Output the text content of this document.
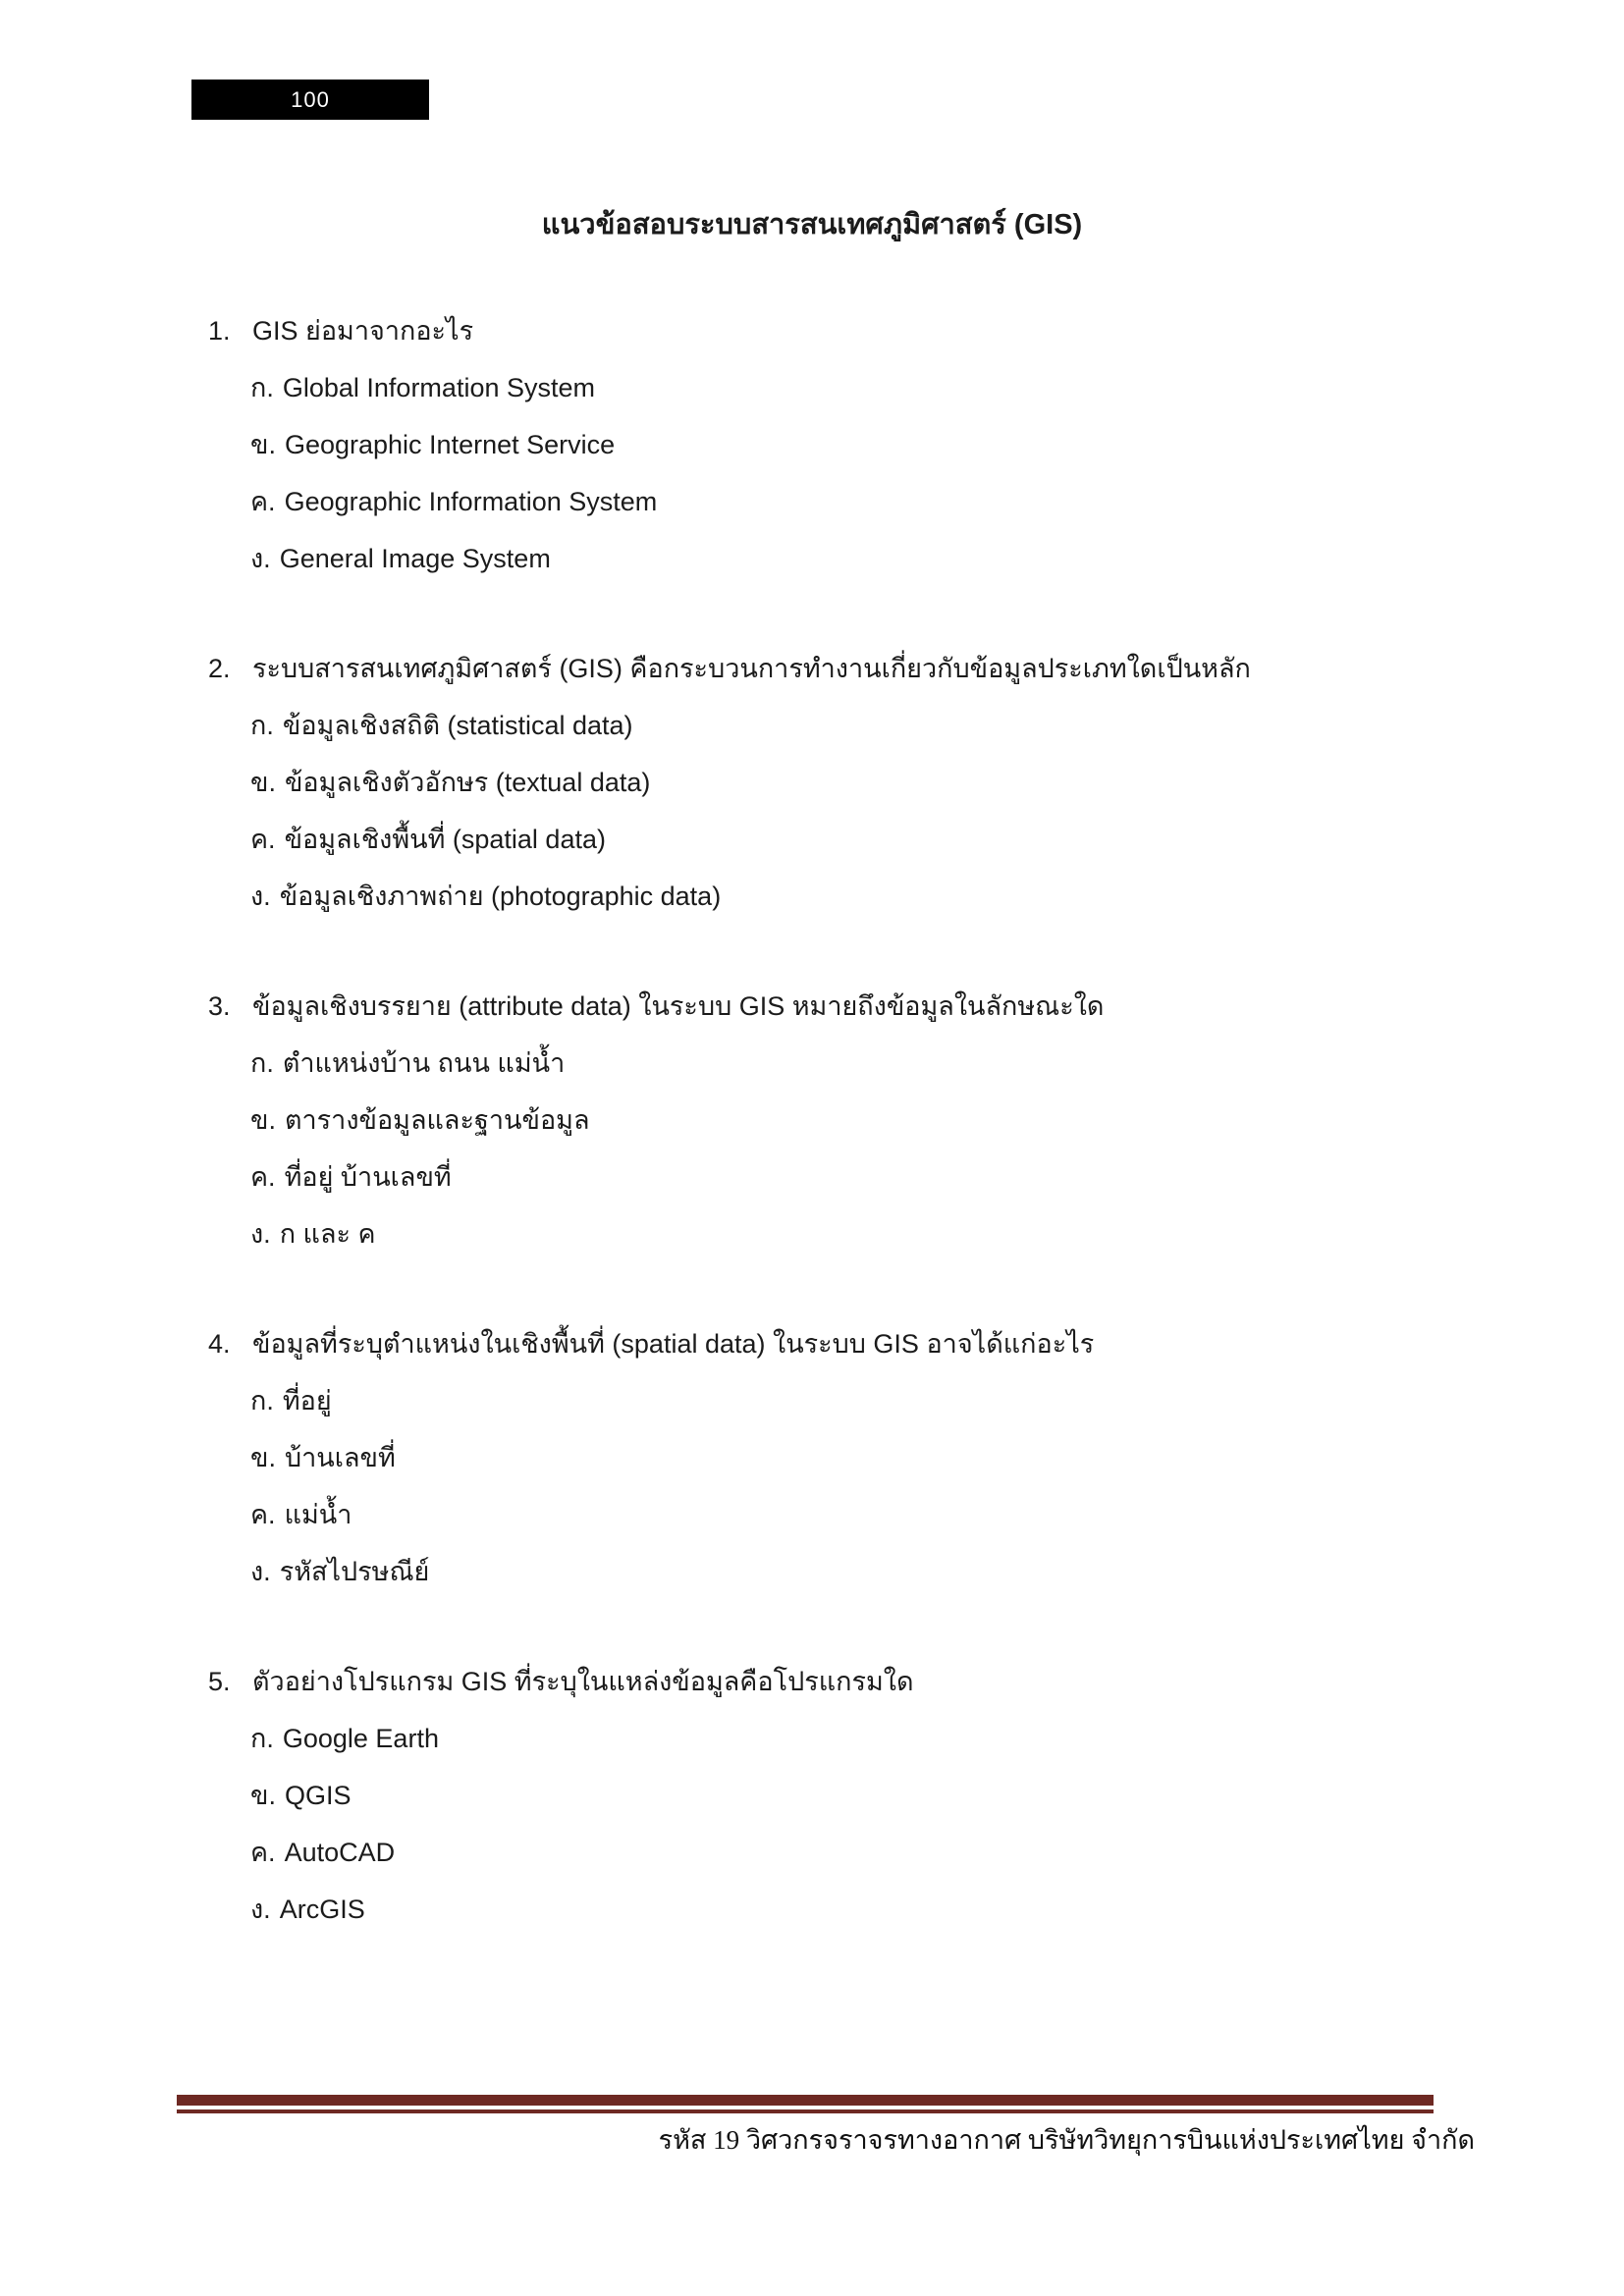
100
แนวข้อสอบระบบสารสนเทศภูมิศาสตร์ (GIS)
1. GIS ย่อมาจากอะไร
ก. Global Information System
ข. Geographic Internet Service
ค. Geographic Information System
ง. General Image System
2. ระบบสารสนเทศภูมิศาสตร์ (GIS) คือกระบวนการทำงานเกี่ยวกับข้อมูลประเภทใดเป็นหลัก
ก. ข้อมูลเชิงสถิติ (statistical data)
ข. ข้อมูลเชิงตัวอักษร (textual data)
ค. ข้อมูลเชิงพื้นที่ (spatial data)
ง. ข้อมูลเชิงภาพถ่าย (photographic data)
3. ข้อมูลเชิงบรรยาย (attribute data) ในระบบ GIS หมายถึงข้อมูลในลักษณะใด
ก. ตำแหน่งบ้าน ถนน แม่น้ำ
ข. ตารางข้อมูลและฐานข้อมูล
ค. ที่อยู่ บ้านเลขที่
ง. ก และ ค
4. ข้อมูลที่ระบุตำแหน่งในเชิงพื้นที่ (spatial data) ในระบบ GIS อาจได้แก่อะไร
ก. ที่อยู่
ข. บ้านเลขที่
ค. แม่น้ำ
ง. รหัสไปรษณีย์
5. ตัวอย่างโปรแกรม GIS ที่ระบุในแหล่งข้อมูลคือโปรแกรมใด
ก. Google Earth
ข. QGIS
ค. AutoCAD
ง. ArcGIS
รหัส 19 วิศวกรจราจรทางอากาศ บริษัทวิทยุการบินแห่งประเทศไทย จำกัด
